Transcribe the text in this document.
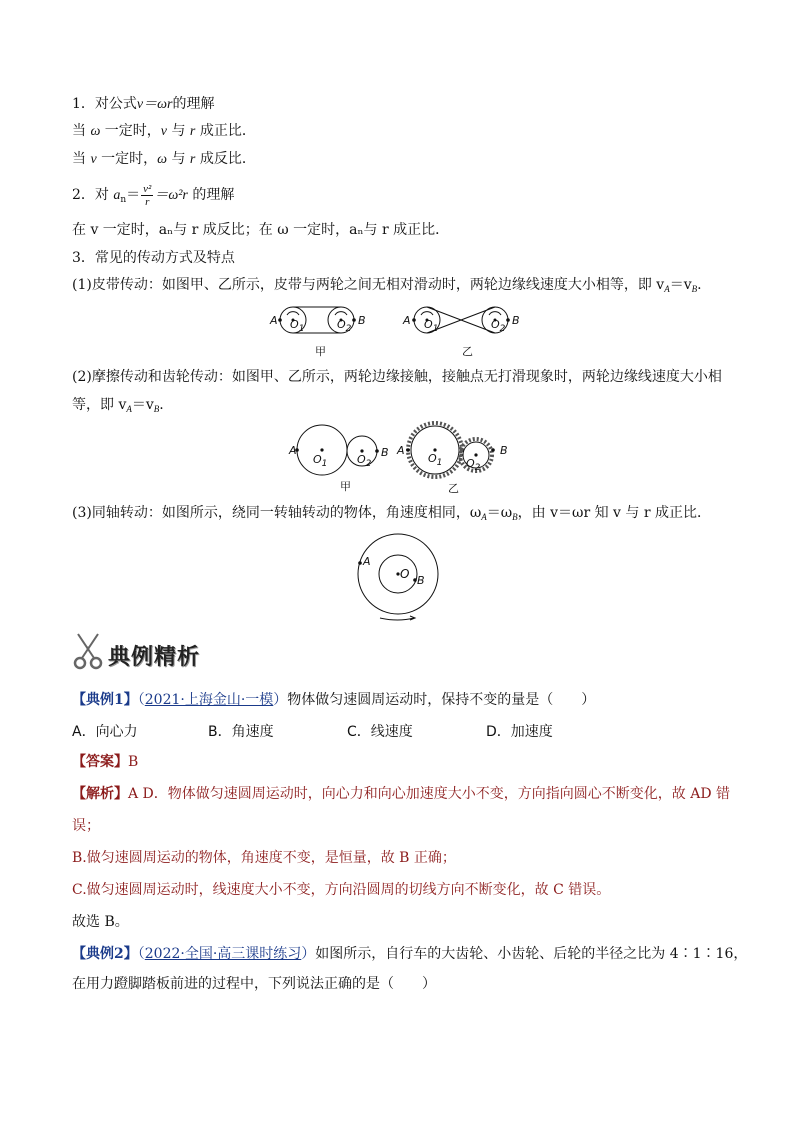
1．对公式v＝ωr的理解
当 ω 一定时，v 与 r 成正比．
当 v 一定时，ω 与 r 成反比．
2．对 $a_n= \frac{\text{v²}}{r} =\omega^2r$ 的理解
在 v 一定时，aₙ与 r 成反比；在 ω 一定时，aₙ与 r 成正比．
3．常见的传动方式及特点
(1)皮带传动：如图甲、乙所示，皮带与两轮之间无相对滑动时，两轮边缘线速度大小相等，即 $v_A=v_B$.
A $O_1$	$O_2$
B
甲
A $O_1$	$O_2$
B
乙
(2)摩擦传动和齿轮传动：如图甲、乙所示，两轮边缘接触，接触点无打滑现象时，两轮边缘线速度大小相
等，即 $v_A=v_B$.
A
$O_1$	$O_2$
B
甲
A
$O_1$ $O_2$
B
乙
(3)同轴转动：如图所示，绕同一转轴转动的物体，角速度相同，$\omega_A=\omega_B$，由 v＝ωr 知 v 与 r 成正比．
A
O B
典例精析
【典例1】（2021·上海金山·一模）物体做匀速圆周运动时，保持不变的量是（　　）
A．向心力	B．角速度	C．线速度	D．加速度
【答案】B
【解析】A D．物体做匀速圆周运动时，向心力和向心加速度大小不变，方向指向圆心不断变化，故 AD 错
误；
B.做匀速圆周运动的物体，角速度不变，是恒量，故 B 正确；
C.做匀速圆周运动时，线速度大小不变，方向沿圆周的切线方向不断变化，故 C 错误。
故选 B。
【典例2】（2022·全国·高三课时练习）如图所示，自行车的大齿轮、小齿轮、后轮的半径之比为 4∶1∶16，
在用力蹬脚踏板前进的过程中，下列说法正确的是（　　）
